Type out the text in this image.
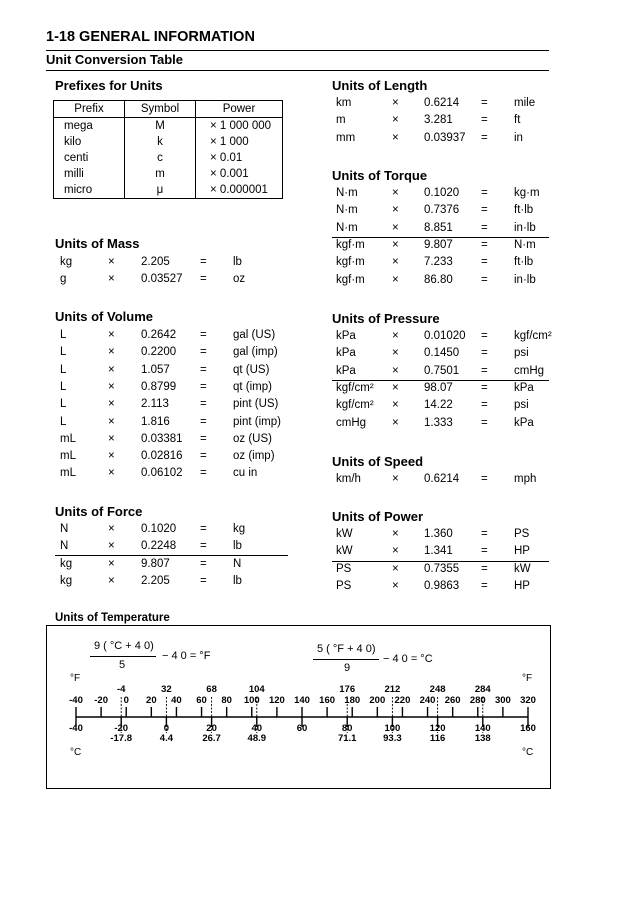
1-18 GENERAL INFORMATION
Unit Conversion Table
Prefixes for Units
Prefix	Symbol	Power
mega	M	× 1 000 000
kilo	k	× 1 000
centi	c	× 0.01
milli	m	× 0.001
micro	μ	× 0.000001
Units of Mass
kg	× 2.205	= lb
g	× 0.03527 = oz
Units of Volume
L	× 0.2642 = gal (US)
L	× 0.2200 = gal (imp)
L	× 1.057	= qt (US)
L	× 0.8799 = qt (imp)
L	× 2.113	= pint (US)
L	× 1.816	= pint (imp)
mL	× 0.03381 = oz (US)
mL	× 0.02816 = oz (imp)
mL	× 0.06102 = cu in
Units of Force
N	× 0.1020 = kg
N	× 0.2248 = lb
kg	× 9.807	= N
kg	× 2.205	= lb
Units of Length
km	× 0.6214 = mile
m	× 3.281 = ft
mm	× 0.03937 = in
Units of Torque
N·m	× 0.1020 = kg·m
N·m	× 0.7376 = ft·lb
N·m	× 8.851 = in·lb
kgf·m × 9.807 = N·m
kgf·m × 7.233 = ft·lb
kgf·m × 86.80 = in·lb
Units of Pressure
kPa	× 0.01020 = kgf/cm²
kPa	× 0.1450 = psi
kPa	× 0.7501 = cmHg
kgf/cm² × 98.07 = kPa
kgf/cm² × 14.22 = psi
cmHg × 1.333 = kPa
Units of Speed
km/h	× 0.6214 = mph
Units of Power
kW	× 1.360 = PS
kW	× 1.341 = HP
PS	× 0.7355 = kW
PS	× 0.9863 = HP
Units of Temperature
9 ( °C + 4 0)
5
− 4 0 = °F
5 ( °F + 4 0)
9
− 4 0 = °C
°F	°F
°C	°C
-40 -20 0 20 40 60 80 100 120 140 160 180 200 220 240 260 280 300 320
-40	-20	0	20	40	60	80	100	120	140	160
-4
-17.8
32
4.4
68
26.7
104
48.9
176
71.1
212
93.3
248
116
284
138
